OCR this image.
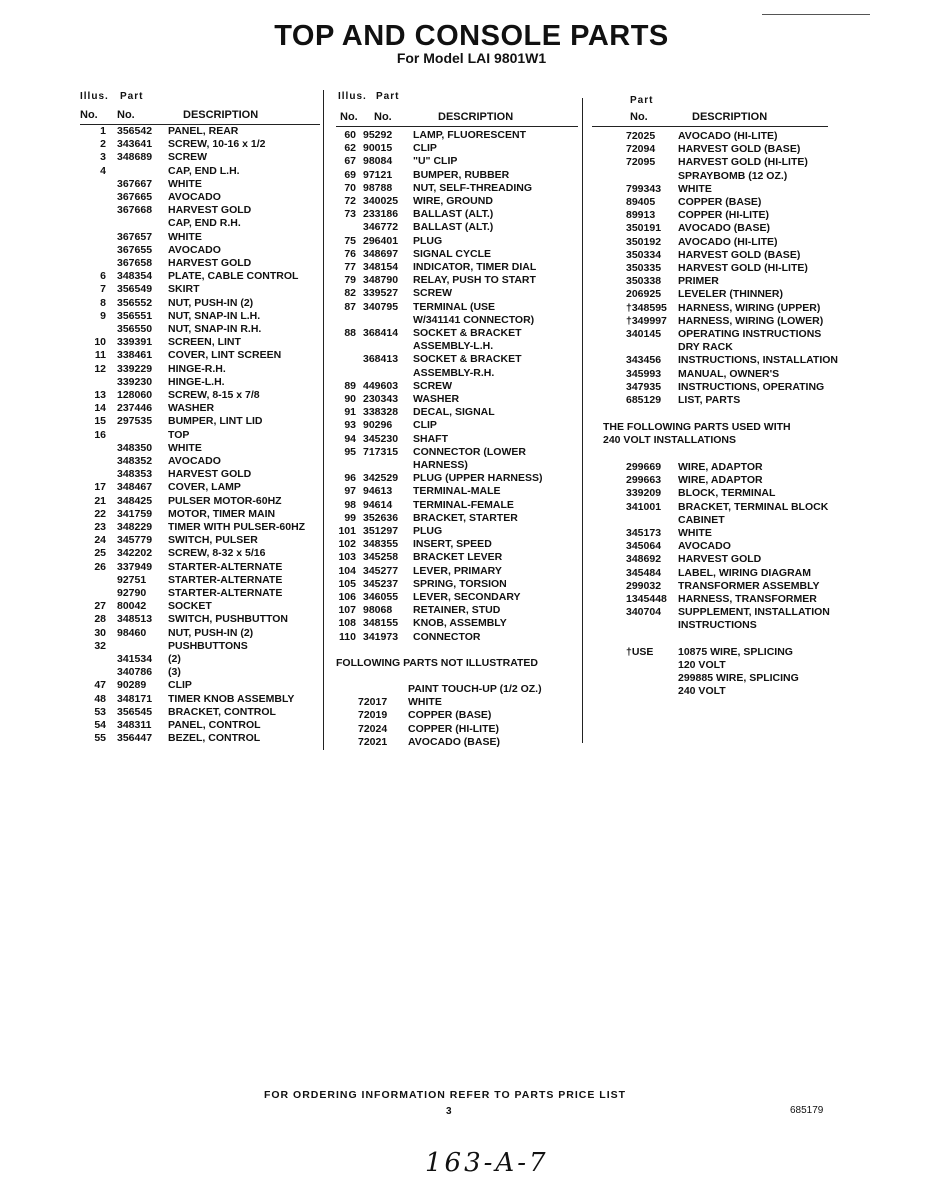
TOP AND CONSOLE PARTS
For Model LAI 9801W1
Illus. Part
No. No.	DESCRIPTION
1 356542 PANEL, REAR
2 343641 SCREW, 10-16 x 1/2
3 348689 SCREW
4	CAP, END L.H.
367667 WHITE
367665 AVOCADO
367668 HARVEST GOLD
CAP, END R.H.
367657 WHITE
367655 AVOCADO
367658 HARVEST GOLD
6 348354 PLATE, CABLE CONTROL
7 356549 SKIRT
8 356552 NUT, PUSH-IN (2)
9 356551 NUT, SNAP-IN L.H.
356550 NUT, SNAP-IN R.H.
10 339391 SCREEN, LINT
11 338461 COVER, LINT SCREEN
12 339229 HINGE-R.H.
339230 HINGE-L.H.
13 128060 SCREW, 8-15 x 7/8
14 237446 WASHER
15 297535 BUMPER, LINT LID
16	TOP
348350 WHITE
348352 AVOCADO
348353 HARVEST GOLD
17 348467 COVER, LAMP
21 348425 PULSER MOTOR-60HZ
22 341759 MOTOR, TIMER MAIN
23 348229 TIMER WITH PULSER-60HZ
24 345779 SWITCH, PULSER
25 342202 SCREW, 8-32 x 5/16
26 337949 STARTER-ALTERNATE
92751 STARTER-ALTERNATE
92790 STARTER-ALTERNATE
27 80042 SOCKET
28 348513 SWITCH, PUSHBUTTON
30 98460 NUT, PUSH-IN (2)
32	PUSHBUTTONS
341534 (2)
340786 (3)
47 90289 CLIP
48 348171 TIMER KNOB ASSEMBLY
53 356545 BRACKET, CONTROL
54 348311 PANEL, CONTROL
55 356447 BEZEL, CONTROL
Illus. Part
No. No.	DESCRIPTION
60 95292 LAMP, FLUORESCENT
62 90015 CLIP
67 98084 "U" CLIP
69 97121 BUMPER, RUBBER
70 98788 NUT, SELF-THREADING
72 340025 WIRE, GROUND
73 233186 BALLAST (ALT.)
346772 BALLAST (ALT.)
75 296401 PLUG
76 348697 SIGNAL CYCLE
77 348154 INDICATOR, TIMER DIAL
79 348790 RELAY, PUSH TO START
82 339527 SCREW
87 340795 TERMINAL (USE
W/341141 CONNECTOR)
88 368414 SOCKET & BRACKET
ASSEMBLY-L.H.
368413 SOCKET & BRACKET
ASSEMBLY-R.H.
89 449603 SCREW
90 230343 WASHER
91 338328 DECAL, SIGNAL
93 90296 CLIP
94 345230 SHAFT
95 717315 CONNECTOR (LOWER
HARNESS)
96 342529 PLUG (UPPER HARNESS)
97 94613 TERMINAL-MALE
98 94614 TERMINAL-FEMALE
99 352636 BRACKET, STARTER
101 351297 PLUG
102 348355 INSERT, SPEED
103 345258 BRACKET LEVER
104 345277 LEVER, PRIMARY
105 345237 SPRING, TORSION
106 346055 LEVER, SECONDARY
107 98068 RETAINER, STUD
108 348155 KNOB, ASSEMBLY
110 341973 CONNECTOR
FOLLOWING PARTS NOT ILLUSTRATED
PAINT TOUCH-UP (1/2 OZ.)
72017 WHITE
72019 COPPER (BASE)
72024 COPPER (HI-LITE)
72021 AVOCADO (BASE)
Part
No.	DESCRIPTION
72025 AVOCADO (HI-LITE)
72094 HARVEST GOLD (BASE)
72095 HARVEST GOLD (HI-LITE)
SPRAYBOMB (12 OZ.)
799343 WHITE
89405 COPPER (BASE)
89913 COPPER (HI-LITE)
350191 AVOCADO (BASE)
350192 AVOCADO (HI-LITE)
350334 HARVEST GOLD (BASE)
350335 HARVEST GOLD (HI-LITE)
350338 PRIMER
206925 LEVELER (THINNER)
†348595 HARNESS, WIRING (UPPER)
†349997 HARNESS, WIRING (LOWER)
340145 OPERATING INSTRUCTIONS
DRY RACK
343456 INSTRUCTIONS, INSTALLATION
345993 MANUAL, OWNER'S
347935 INSTRUCTIONS, OPERATING
685129 LIST, PARTS
THE FOLLOWING PARTS USED WITH
240 VOLT INSTALLATIONS
299669 WIRE, ADAPTOR
299663 WIRE, ADAPTOR
339209 BLOCK, TERMINAL
341001 BRACKET, TERMINAL BLOCK
CABINET
345173 WHITE
345064 AVOCADO
348692 HARVEST GOLD
345484 LABEL, WIRING DIAGRAM
299032 TRANSFORMER ASSEMBLY
1345448 HARNESS, TRANSFORMER
340704 SUPPLEMENT, INSTALLATION
INSTRUCTIONS
†USE 10875 WIRE, SPLICING
120 VOLT
299885 WIRE, SPLICING
240 VOLT
FOR ORDERING INFORMATION REFER TO PARTS PRICE LIST
3	685179
163-A-7
